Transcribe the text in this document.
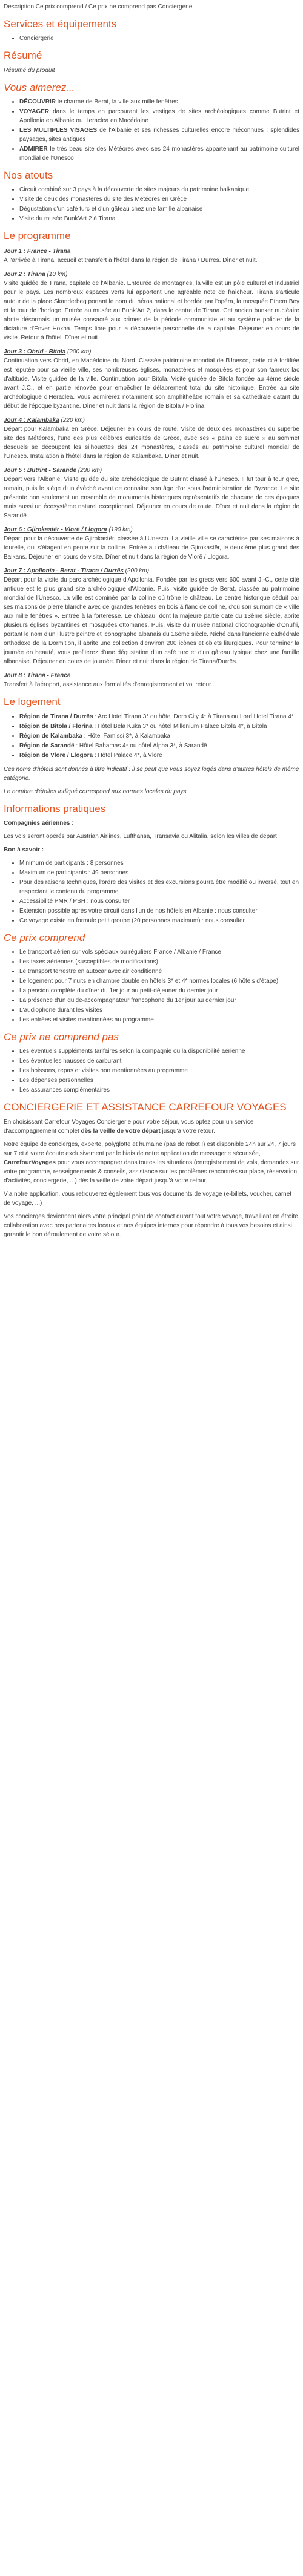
Description Ce prix comprend / Ce prix ne comprend pas Conciergerie

Services et équipements
• Conciergerie
Résumé

Résumé du produit

Vous aimerez...
• DÉCOUVRIR le charme de Berat, la ville aux mille fenêtres
• VOYAGER dans le temps en parcourant les vestiges de sites archéologiques comme Butrint et Apollonia en Albanie ou Heraclea en Macédoine
• LES MULTIPLES VISAGES de l'Albanie et ses richesses culturelles encore méconnues : splendides paysages, sites antiques
• ADMIRER le très beau site des Météores avec ses 24 monastères appartenant au patrimoine culturel mondial de l'Unesco
Nos atouts
• Circuit combiné sur 3 pays à la découverte de sites majeurs du patrimoine balkanique
• Visite de deux des monastères du site des Météores en Grèce
• Dégustation d'un café turc et d'un gâteau chez une famille albanaise
• Visite du musée Bunk'Art 2 à Tirana
Le programme
Jour 1 : France - Tirana

À l'arrivée à Tirana, accueil et transfert à l'hôtel dans la région de Tirana / Durrës. Dîner et nuit.

Jour 2 : Tirana (10 km)

Visite guidée de Tirana, capitale de l'Albanie. Entourée de montagnes, la ville est un pôle culturel et industriel pour le pays. Les nombreux espaces verts lui apportent une agréable note de fraîcheur. Tirana s'articule autour de la place Skanderbeg portant le nom du héros national et bordée par l'opéra, la mosquée Ethem Bey et la tour de l'horloge. Entrée au musée au Bunk'Art 2, dans le centre de Tirana. Cet ancien bunker nucléaire abrite désormais un musée consacré aux crimes de la période communiste et au système policier de la dictature d'Enver Hoxha. Temps libre pour la découverte personnelle de la capitale. Déjeuner en cours de visite. Retour à l'hôtel. Dîner et nuit.

Jour 3 : Ohrid - Bitola (200 km)

Continuation vers Ohrid, en Macédoine du Nord. Classée patrimoine mondial de l'Unesco, cette cité fortifiée est réputée pour sa vieille ville, ses nombreuses églises, monastères et mosquées et pour son fameux lac d'altitude. Visite guidée de la ville. Continuation pour Bitola. Visite guidée de Bitola fondée au 4ème siècle avant J.C., et en partie rénovée pour empêcher le délabrement total du site historique. Entrée au site archéologique d'Heraclea. Vous admirerez notamment son amphithéâtre romain et sa cathédrale datant du début de l'époque byzantine. Dîner et nuit dans la région de Bitola / Florina.

Jour 4 : Kalambaka (220 km)

Départ pour Kalambaka en Grèce. Déjeuner en cours de route. Visite de deux des monastères du superbe site des Météores, l'une des plus célèbres curiosités de Grèce, avec ses « pains de sucre » au sommet desquels se découpent les silhouettes des 24 monastères, classés au patrimoine culturel mondial de l'Unesco. Installation à l'hôtel dans la région de Kalambaka. Dîner et nuit.

Jour 5 : Butrint - Sarandë (230 km)

Départ vers l'Albanie. Visite guidée du site archéologique de Butrint classé à l'Unesco. Il fut tour à tour grec, romain, puis le siège d'un évêché avant de connaitre son âge d'or sous l'administration de Byzance. Le site présente non seulement un ensemble de monuments historiques représentatifs de chacune de ces époques mais aussi un écosystème naturel exceptionnel. Déjeuner en cours de route. Dîner et nuit dans la région de Sarandë.

Jour 6 : Gjirokastër - Vlorë / Llogora (190 km)

Départ pour la découverte de Gjirokastër, classée à l'Unesco. La vieille ville se caractérise par ses maisons à tourelle, qui s'étagent en pente sur la colline. Entrée au château de Gjirokastër, le deuxième plus grand des Balkans. Déjeuner en cours de visite. Dîner et nuit dans la région de Vlorë / Llogora.

Jour 7 : Apollonia - Berat - Tirana / Durrës (200 km)

Départ pour la visite du parc archéologique d'Apollonia. Fondée par les grecs vers 600 avant J.-C., cette cité antique est le plus grand site archéologique d'Albanie. Puis, visite guidée de Berat, classée au patrimoine mondial de l'Unesco. La ville est dominée par la colline où trône le château. Le centre historique séduit par ses maisons de pierre blanche avec de grandes fenêtres en bois à flanc de colline, d'où son surnom de « ville aux mille fenêtres ». Entrée à la forteresse. Le château, dont la majeure partie date du 13ème siècle, abrite plusieurs églises byzantines et mosquées ottomanes. Puis, visite du musée national d'iconographie d'Onufri, portant le nom d'un illustre peintre et iconographe albanais du 16ème siècle. Niché dans l'ancienne cathédrale orthodoxe de la Dormition, il abrite une collection d'environ 200 icônes et objets liturgiques. Pour terminer la journée en beauté, vous profiterez d'une dégustation d'un café turc et d'un gâteau typique chez une famille albanaise. Déjeuner en cours de journée. Dîner et nuit dans la région de Tirana/Durrës.

Jour 8 : Tirana - France

Transfert à l'aéroport, assistance aux formalités d'enregistrement et vol retour.

Le logement
• Région de Tirana / Durrës : Arc Hotel Tirana 3* ou hôtel Doro City 4* à Tirana ou Lord Hotel Tirana 4*
• Région de Bitola / Florina : Hôtel Bela Kuka 3* ou hôtel Millenium Palace Bitola 4*, à Bitola
• Région de Kalambaka : Hôtel Famissi 3*, à Kalambaka
• Région de Sarandë : Hôtel Bahamas 4* ou hôtel Alpha 3*, à Sarandë
• Région de Vlorë / Llogora : Hôtel Palace 4*, à Vlorë

Ces noms d'hôtels sont donnés à titre indicatif : il se peut que vous soyez logés dans d'autres hôtels de même catégorie.

Le nombre d'étoiles indiqué correspond aux normes locales du pays.

Informations pratiques

Compagnies aériennes :

Les vols seront opérés par Austrian Airlines, Lufthansa, Transavia ou Alitalia, selon les villes de départ

Bon à savoir :

• Minimum de participants : 8 personnes
• Maximum de participants : 49 personnes
• Pour des raisons techniques, l'ordre des visites et des excursions pourra être modifié ou inversé, tout en respectant le contenu du programme
• Accessibilité PMR / PSH : nous consulter
• Extension possible après votre circuit dans l'un de nos hôtels en Albanie : nous consulter
• Ce voyage existe en formule petit groupe (20 personnes maximum) : nous consulter
Ce prix comprend
• Le transport aérien sur vols spéciaux ou réguliers France / Albanie / France
• Les taxes aériennes (susceptibles de modifications)
• Le transport terrestre en autocar avec air conditionné
• Le logement pour 7 nuits en chambre double en hôtels 3* et 4* normes locales (6 hôtels d'étape)
• La pension complète du dîner du 1er jour au petit-déjeuner du dernier jour
• La présence d'un guide-accompagnateur francophone du 1er jour au dernier jour
• L'audiophone durant les visites
• Les entrées et visites mentionnées au programme
Ce prix ne comprend pas
• Les éventuels suppléments tarifaires selon la compagnie ou la disponibilité aérienne
• Les éventuelles hausses de carburant
• Les boissons, repas et visites non mentionnées au programme
• Les dépenses personnelles
• Les assurances complémentaires
CONCIERGERIE ET ASSISTANCE CARREFOUR VOYAGES

En choisissant Carrefour Voyages Conciergerie pour votre séjour, vous optez pour un service d'accompagnement complet dès la veille de votre départ jusqu'à votre retour.

Notre équipe de concierges, experte, polyglotte et humaine (pas de robot !) est disponible 24h sur 24, 7 jours sur 7 et à votre écoute exclusivement par le biais de notre application de messagerie sécurisée, CarrefourVoyages pour vous accompagner dans toutes les situations (enregistrement de vols, demandes sur votre programme, renseignements & conseils, assistance sur les problèmes rencontrés sur place, réservation d'activités, conciergerie, ...) dès la veille de votre départ jusqu'à votre retour.

Via notre application, vous retrouverez également tous vos documents de voyage (e-billets, voucher, carnet de voyage, ...)

Vos concierges deviennent alors votre principal point de contact durant tout votre voyage, travaillant en étroite collaboration avec nos partenaires locaux et nos équipes internes pour répondre à tous vos besoins et ainsi, garantir le bon déroulement de votre séjour.
